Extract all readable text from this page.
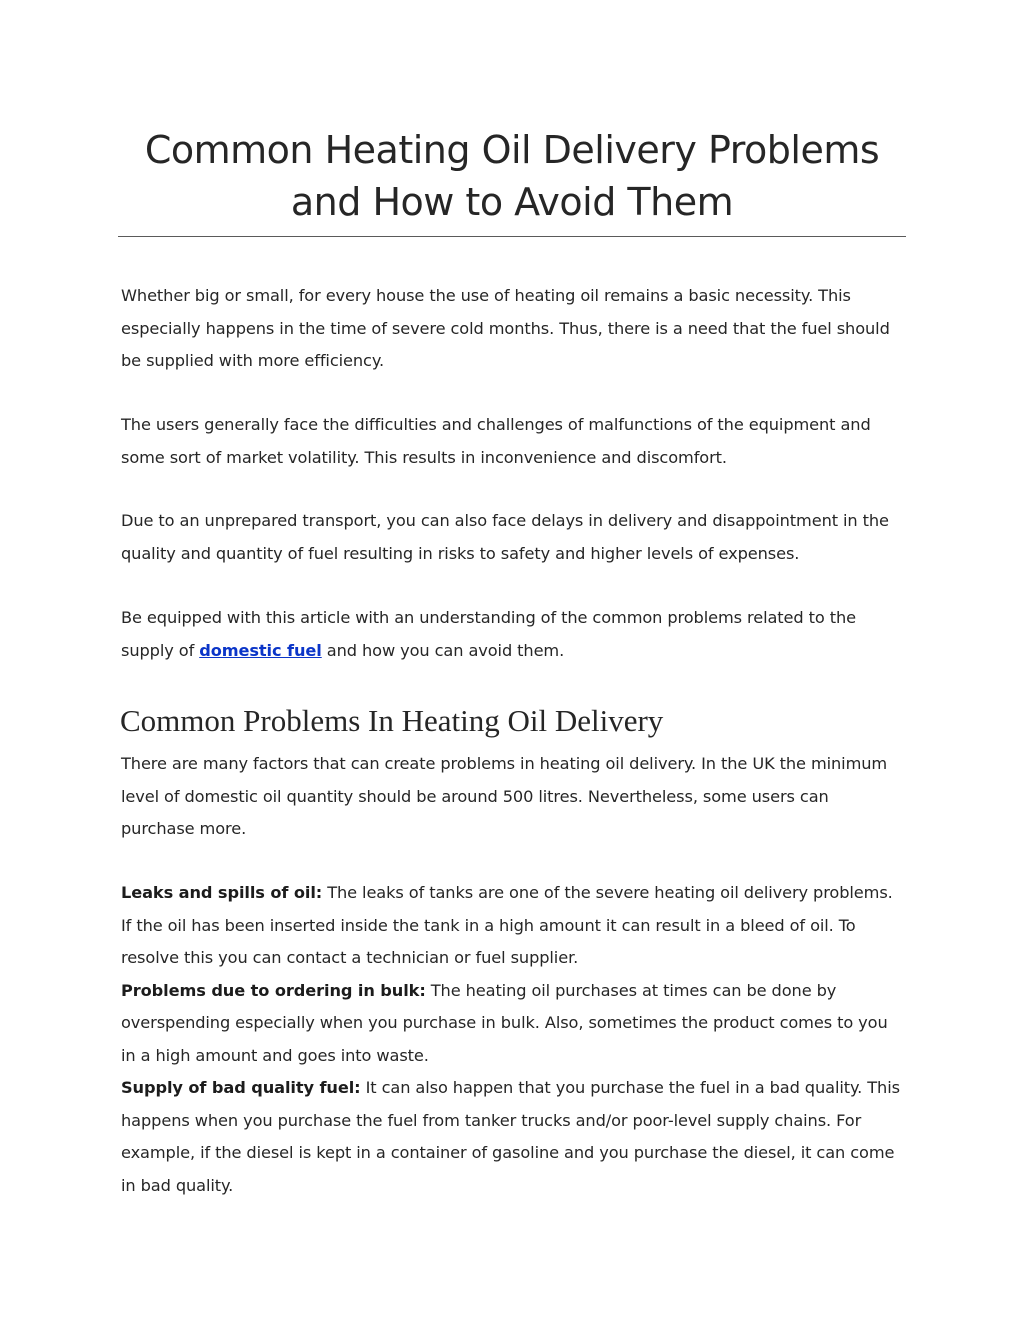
Common Heating Oil Delivery Problems
and How to Avoid Them

Whether big or small, for every house the use of heating oil remains a basic necessity. This especially happens in the time of severe cold months. Thus, there is a need that the fuel should be supplied with more efficiency.

The users generally face the difficulties and challenges of malfunctions of the equipment and some sort of market volatility. This results in inconvenience and discomfort.

Due to an unprepared transport, you can also face delays in delivery and disappointment in the quality and quantity of fuel resulting in risks to safety and higher levels of expenses.

Be equipped with this article with an understanding of the common problems related to the supply of domestic fuel and how you can avoid them.

Common Problems In Heating Oil Delivery

There are many factors that can create problems in heating oil delivery. In the UK the minimum level of domestic oil quantity should be around 500 litres. Nevertheless, some users can purchase more.

Leaks and spills of oil: The leaks of tanks are one of the severe heating oil delivery problems. If the oil has been inserted inside the tank in a high amount it can result in a bleed of oil. To resolve this you can contact a technician or fuel supplier.
Problems due to ordering in bulk: The heating oil purchases at times can be done by overspending especially when you purchase in bulk. Also, sometimes the product comes to you in a high amount and goes into waste.
Supply of bad quality fuel: It can also happen that you purchase the fuel in a bad quality. This happens when you purchase the fuel from tanker trucks and/or poor-level supply chains. For example, if the diesel is kept in a container of gasoline and you purchase the diesel, it can come in bad quality.
